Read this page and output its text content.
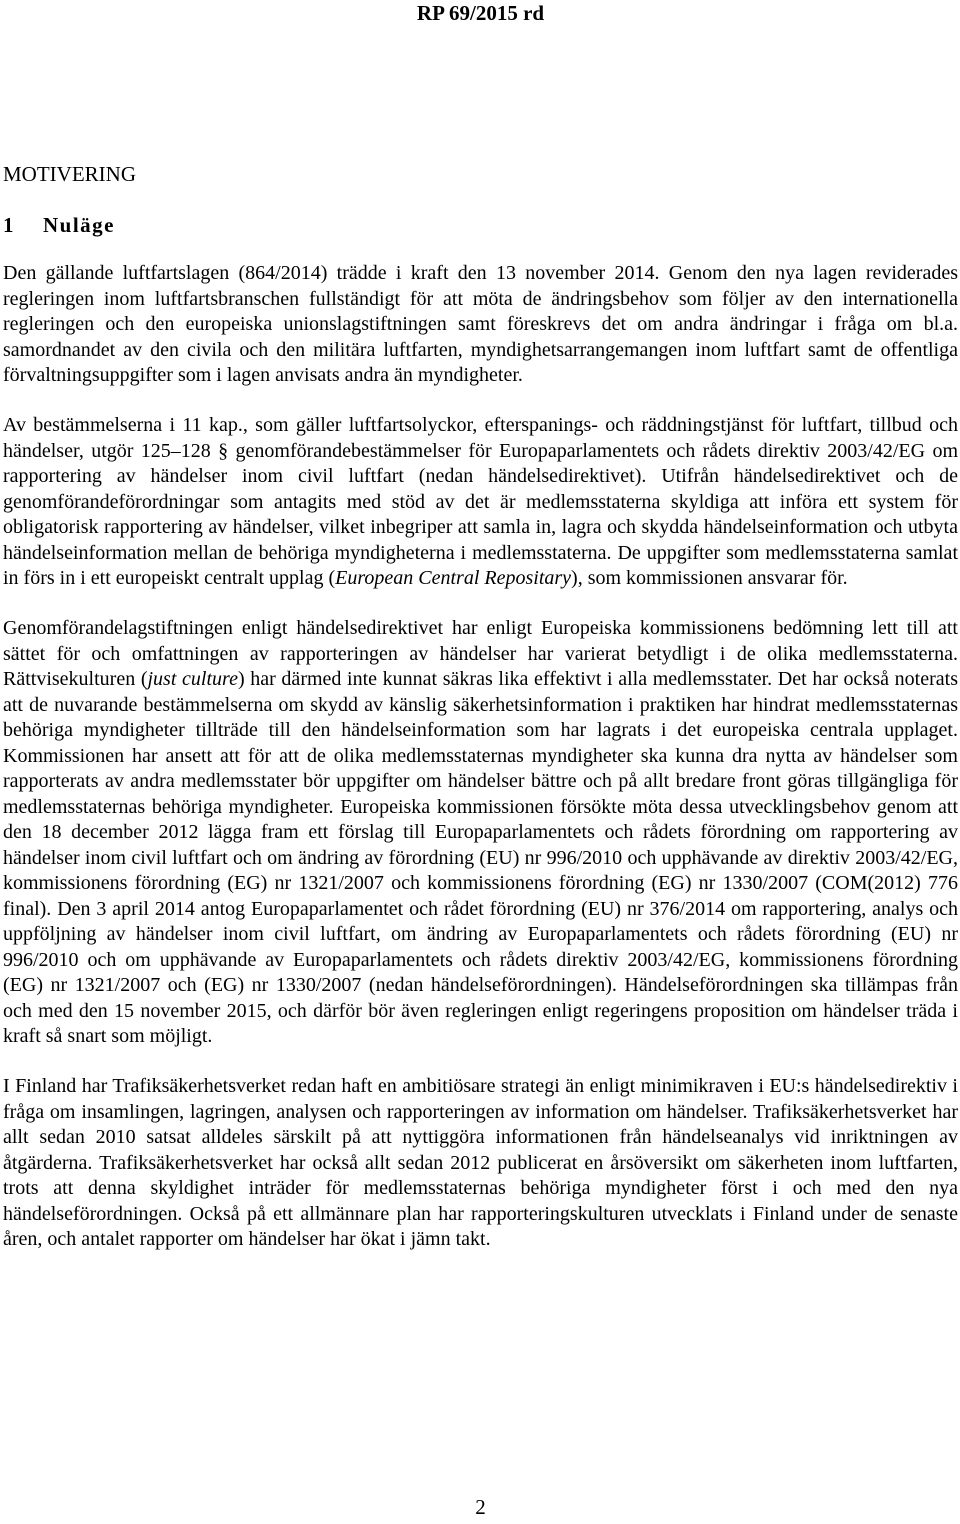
RP 69/2015 rd
MOTIVERING
1 Nuläge

Den gällande luftfartslagen (864/2014) trädde i kraft den 13 november 2014. Genom den nya lagen reviderades regleringen inom luftfartsbranschen fullständigt för att möta de ändringsbehov som följer av den internationella regleringen och den europeiska unionslagstiftningen samt föreskrevs det om andra ändringar i fråga om bl.a. samordnandet av den civila och den militära luftfarten, myndighetsarrangemangen inom luftfart samt de offentliga förvaltningsuppgifter som i lagen anvisats andra än myndigheter.

Av bestämmelserna i 11 kap., som gäller luftfartsolyckor, efterspanings- och räddningstjänst för luftfart, tillbud och händelser, utgör 125–128 § genomförandebestämmelser för Europaparlamentets och rådets direktiv 2003/42/EG om rapportering av händelser inom civil luftfart (nedan händelsedirektivet). Utifrån händelsedirektivet och de genomförandeförordningar som antagits med stöd av det är medlemsstaterna skyldiga att införa ett system för obligatorisk rapportering av händelser, vilket inbegriper att samla in, lagra och skydda händelseinformation och utbyta händelseinformation mellan de behöriga myndigheterna i medlemsstaterna. De uppgifter som medlemsstaterna samlat in förs in i ett europeiskt centralt upplag (European Central Repositary), som kommissionen ansvarar för.

Genomförandelagstiftningen enligt händelsedirektivet har enligt Europeiska kommissionens bedömning lett till att sättet för och omfattningen av rapporteringen av händelser har varierat betydligt i de olika medlemsstaterna. Rättvisekulturen (just culture) har därmed inte kunnat säkras lika effektivt i alla medlemsstater. Det har också noterats att de nuvarande bestämmelserna om skydd av känslig säkerhetsinformation i praktiken har hindrat medlemsstaternas behöriga myndigheter tillträde till den händelseinformation som har lagrats i det europeiska centrala upplaget. Kommissionen har ansett att för att de olika medlemsstaternas myndigheter ska kunna dra nytta av händelser som rapporterats av andra medlemsstater bör uppgifter om händelser bättre och på allt bredare front göras tillgängliga för medlemsstaternas behöriga myndigheter. Europeiska kommissionen försökte möta dessa utvecklingsbehov genom att den 18 december 2012 lägga fram ett förslag till Europaparlamentets och rådets förordning om rapportering av händelser inom civil luftfart och om ändring av förordning (EU) nr 996/2010 och upphävande av direktiv 2003/42/EG, kommissionens förordning (EG) nr 1321/2007 och kommissionens förordning (EG) nr 1330/2007 (COM(2012) 776 final). Den 3 april 2014 antog Europaparlamentet och rådet förordning (EU) nr 376/2014 om rapportering, analys och uppföljning av händelser inom civil luftfart, om ändring av Europaparlamentets och rådets förordning (EU) nr 996/2010 och om upphävande av Europaparlamentets och rådets direktiv 2003/42/EG, kommissionens förordning (EG) nr 1321/2007 och (EG) nr 1330/2007 (nedan händelseförordningen). Händelseförordningen ska tillämpas från och med den 15 november 2015, och därför bör även regleringen enligt regeringens proposition om händelser träda i kraft så snart som möjligt.

I Finland har Trafiksäkerhetsverket redan haft en ambitiösare strategi än enligt minimikraven i EU:s händelsedirektiv i fråga om insamlingen, lagringen, analysen och rapporteringen av information om händelser. Trafiksäkerhetsverket har allt sedan 2010 satsat alldeles särskilt på att nyttiggöra informationen från händelseanalys vid inriktningen av åtgärderna. Trafiksäkerhetsverket har också allt sedan 2012 publicerat en årsöversikt om säkerheten inom luftfarten, trots att denna skyldighet inträder för medlemsstaternas behöriga myndigheter först i och med den nya händelseförordningen. Också på ett allmännare plan har rapporteringskulturen utvecklats i Finland under de senaste åren, och antalet rapporter om händelser har ökat i jämn takt.

2
